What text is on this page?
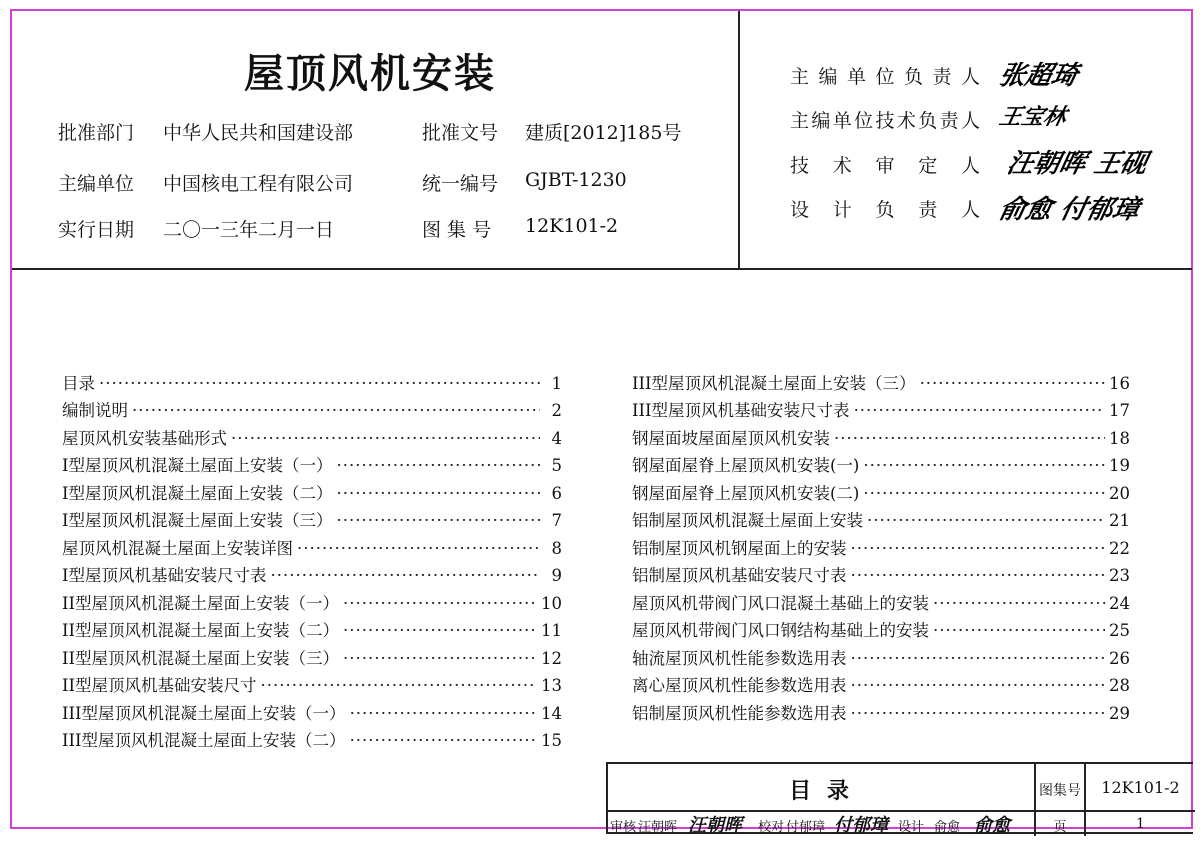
屋顶风机安装
批准部门 中华人民共和国建设部	批准文号 建质[2012]185号
主编单位 中国核电工程有限公司	统一编号 GJBT-1230
实行日期 二〇一三年二月一日	图 集 号 12K101-2
主编单位负责人 张超琦
主编单位技术负责人 王宝林
技术审定人 汪朝晖 王砚
设计负责人 俞愈 付郁璋
目录 ·····	1
编制说明 ·····	2
屋顶风机安装基础形式 ·····	4
I型屋顶风机混凝土屋面上安装（一） ·····	5
I型屋顶风机混凝土屋面上安装（二） ·····	6
I型屋顶风机混凝土屋面上安装（三） ·····	7
屋顶风机混凝土屋面上安装详图 ·····	8
I型屋顶风机基础安装尺寸表 ·····	9
II型屋顶风机混凝土屋面上安装（一） ·····	10
II型屋顶风机混凝土屋面上安装（二） ·····	11
II型屋顶风机混凝土屋面上安装（三） ·····	12
II型屋顶风机基础安装尺寸 ·····	13
III型屋顶风机混凝土屋面上安装（一） ·····	14
III型屋顶风机混凝土屋面上安装（二） ·····	15
III型屋顶风机混凝土屋面上安装（三） ·····	16
III型屋顶风机基础安装尺寸表 ·····	17
钢屋面坡屋面屋顶风机安装 ·····	18
钢屋面屋脊上屋顶风机安装(一) ·····	19
钢屋面屋脊上屋顶风机安装(二) ·····	20
铝制屋顶风机混凝土屋面上安装 ·····	21
铝制屋顶风机钢屋面上的安装 ·····	22
铝制屋顶风机基础安装尺寸表 ·····	23
屋顶风机带阀门风口混凝土基础上的安装 ·····	24
屋顶风机带阀门风口钢结构基础上的安装 ·····	25
轴流屋顶风机性能参数选用表 ·····	26
离心屋顶风机性能参数选用表 ·····	28
铝制屋顶风机性能参数选用表 ·····	29
目 录	图集号	12K101-2
审核 汪朝晖 汪朝晖 校对 付郁璋 付郁璋 设计 俞愈 俞愈	页	1
